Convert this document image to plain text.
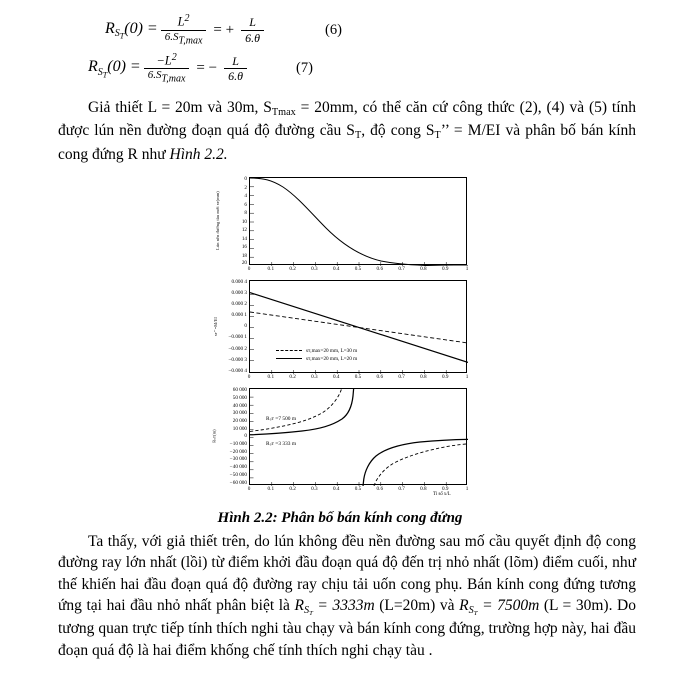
$R_{S_T}(0) = \frac{L^2}{6.ST,\max}$ = + $\frac{L}{6.\theta}$	(6)
$R_{S_T}(0) = \frac{-L^2}{6.ST,\max}$ = − $\frac{L}{6.\theta}$	(7)

Giả thiết L = 20m và 30m, STmax = 20mm, có thể căn cứ công thức (2), (4) và (5) tính được lún nền đường đoạn quá độ đường cầu ST, độ cong ST’’ = M/EI và phân bố bán kính cong đứng R như Hình 2.2.

Lún nền đường tàu mới sᴛ(mm)
0
2
4
6
8
10
12
14
16
18
20
0	0.1	0.2	0.3	0.4	0.5	0.6	0.7	0.8	0.9	1
sᴛ’’=M/EI
0.000 4
0.000 3
0.000 2
0.000 1
0
−0.000 1
−0.000 2
−0.000 3
−0.000 4
sᴛ,max=20 mm, L=30 m
sᴛ,max=20 mm, L=20 m
0	0.1	0.2	0.3	0.4	0.5	0.6	0.7	0.8	0.9	1
Rₛᴛ(m)
60 000
50 000
40 000
30 000
20 000
10 000
0
−10 000
−20 000
−30 000
−40 000
−50 000
−60 000
Rₛᴛ =7 500 m
Rₛᴛ =3 333 m
0	0.1	0.2	0.3	0.4	0.5	0.6	0.7	0.8	0.9	1
Tỉ số x/L
Hình 2.2: Phân bố bán kính cong đứng

Ta thấy, với giả thiết trên, do lún không đều nền đường sau mố cầu quyết định độ cong đường ray lớn nhất (lồi) từ điểm khởi đầu đoạn quá độ đến trị nhỏ nhất (lõm) điểm cuối, như thế khiến hai đầu đoạn quá độ đường ray chịu tải uốn cong phụ. Bán kính cong đứng tương ứng tại hai đầu nhỏ nhất phân biệt là RST = 3333m (L=20m) và RST = 7500m (L = 30m). Do tương quan trực tiếp tính thích nghi tàu chạy và bán kính cong đứng, trường hợp này, hai đầu đoạn quá độ là hai điểm khống chế tính thích nghi chạy tàu .
